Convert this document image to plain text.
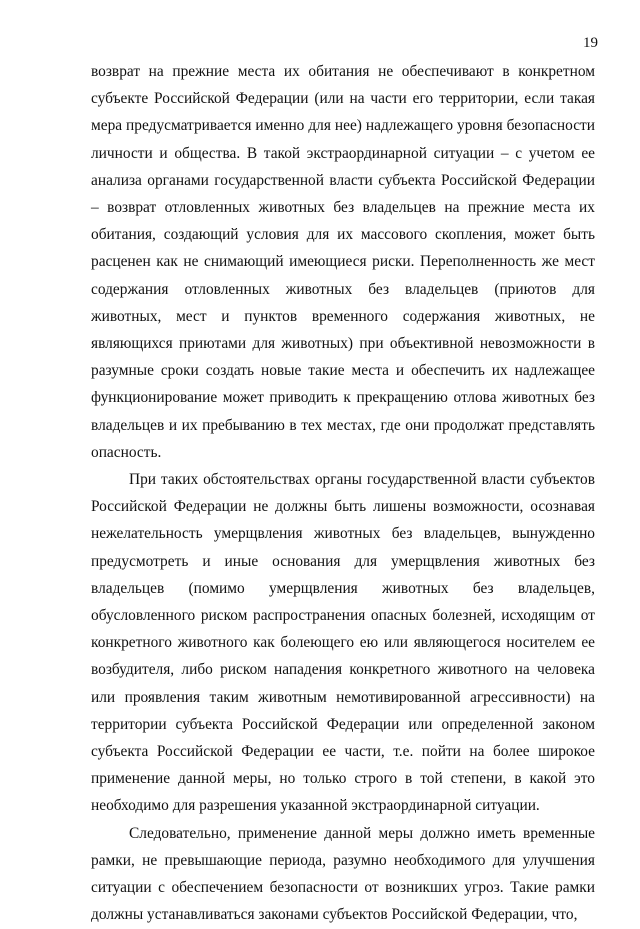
19

возврат на прежние места их обитания не обеспечивают в конкретном субъекте Российской Федерации (или на части его территории, если такая мера предусматривается именно для нее) надлежащего уровня безопасности личности и общества. В такой экстраординарной ситуации – с учетом ее анализа органами государственной власти субъекта Российской Федерации – возврат отловленных животных без владельцев на прежние места их обитания, создающий условия для их массового скопления, может быть расценен как не снимающий имеющиеся риски. Переполненность же мест содержания отловленных животных без владельцев (приютов для животных, мест и пунктов временного содержания животных, не являющихся приютами для животных) при объективной невозможности в разумные сроки создать новые такие места и обеспечить их надлежащее функционирование может приводить к прекращению отлова животных без владельцев и их пребыванию в тех местах, где они продолжат представлять опасность.

При таких обстоятельствах органы государственной власти субъектов Российской Федерации не должны быть лишены возможности, осознавая нежелательность умерщвления животных без владельцев, вынужденно предусмотреть и иные основания для умерщвления животных без владельцев (помимо умерщвления животных без владельцев, обусловленного риском распространения опасных болезней, исходящим от конкретного животного как болеющего ею или являющегося носителем ее возбудителя, либо риском нападения конкретного животного на человека или проявления таким животным немотивированной агрессивности) на территории субъекта Российской Федерации или определенной законом субъекта Российской Федерации ее части, т.е. пойти на более широкое применение данной меры, но только строго в той степени, в какой это необходимо для разрешения указанной экстраординарной ситуации.

Следовательно, применение данной меры должно иметь временные рамки, не превышающие периода, разумно необходимого для улучшения ситуации с обеспечением безопасности от возникших угроз. Такие рамки должны устанавливаться законами субъектов Российской Федерации, что,
